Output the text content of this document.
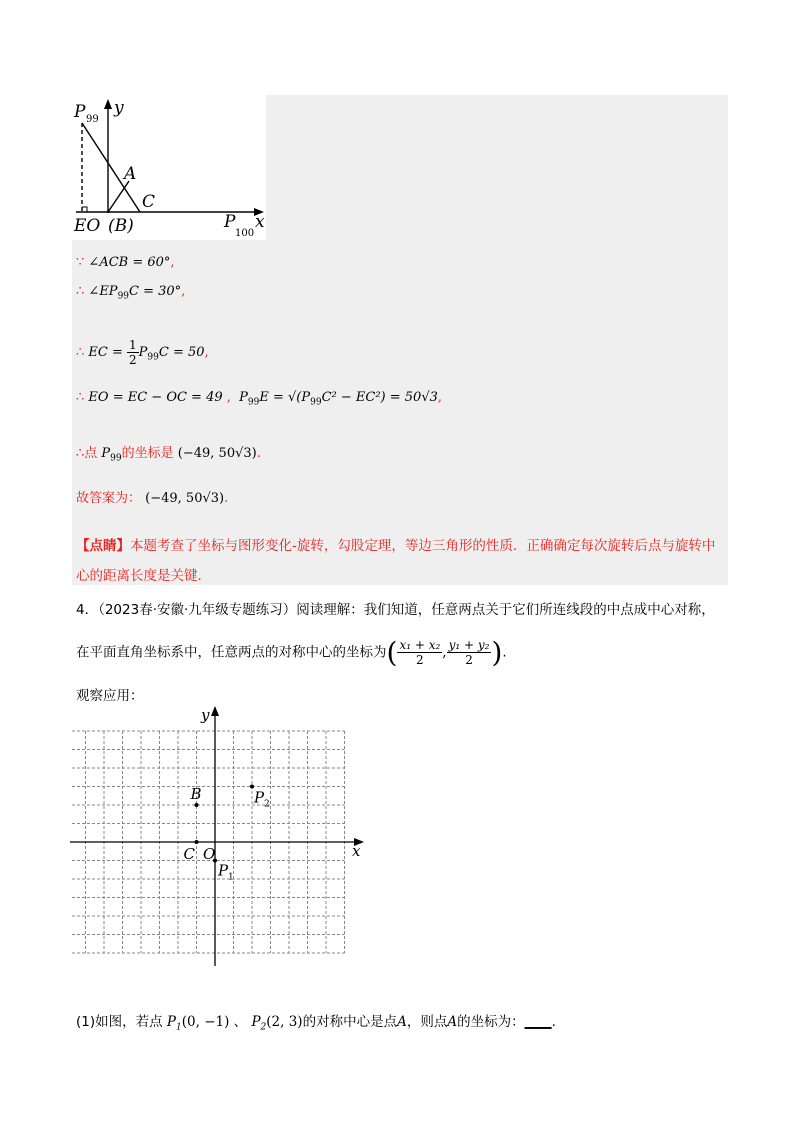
P 99
y
A
C
EO (B)	P
100
x
∵ ∠ACB = 60°,
∴ $\angle EP_{99}C = 30^\circ$,
∴ EC = $\frac{1}{2} P_{99}C = 50$,
∴ EO = EC − OC = 49 , $P_{99}E = √(P_{99}C^2 - EC^2) = 50√3$,
∴点 $P_{99}$的坐标是 (−49, 50√3).
故答案为： (−49, 50√3).
【点睛】本题考查了坐标与图形变化-旋转，勾股定理，等边三角形的性质．正确确定每次旋转后点与旋转中心的距离长度是关键.
4．（2023春·安徽·九年级专题练习）阅读理解：我们知道，任意两点关于它们所连线段的中点成中心对称，
在平面直角坐标系中，任意两点的对称中心的坐标为( $\frac{\text{x₁ + x₂}}{2}$ , $\frac{\text{y₁ + y₂}}{2}$ ).
观察应用：
y
x
B	P 2
C O
P 1
(1)如图，若点 $P_1(0$, −1) 、 $P_2(2$, 3)的对称中心是点A，则点A的坐标为：____.
